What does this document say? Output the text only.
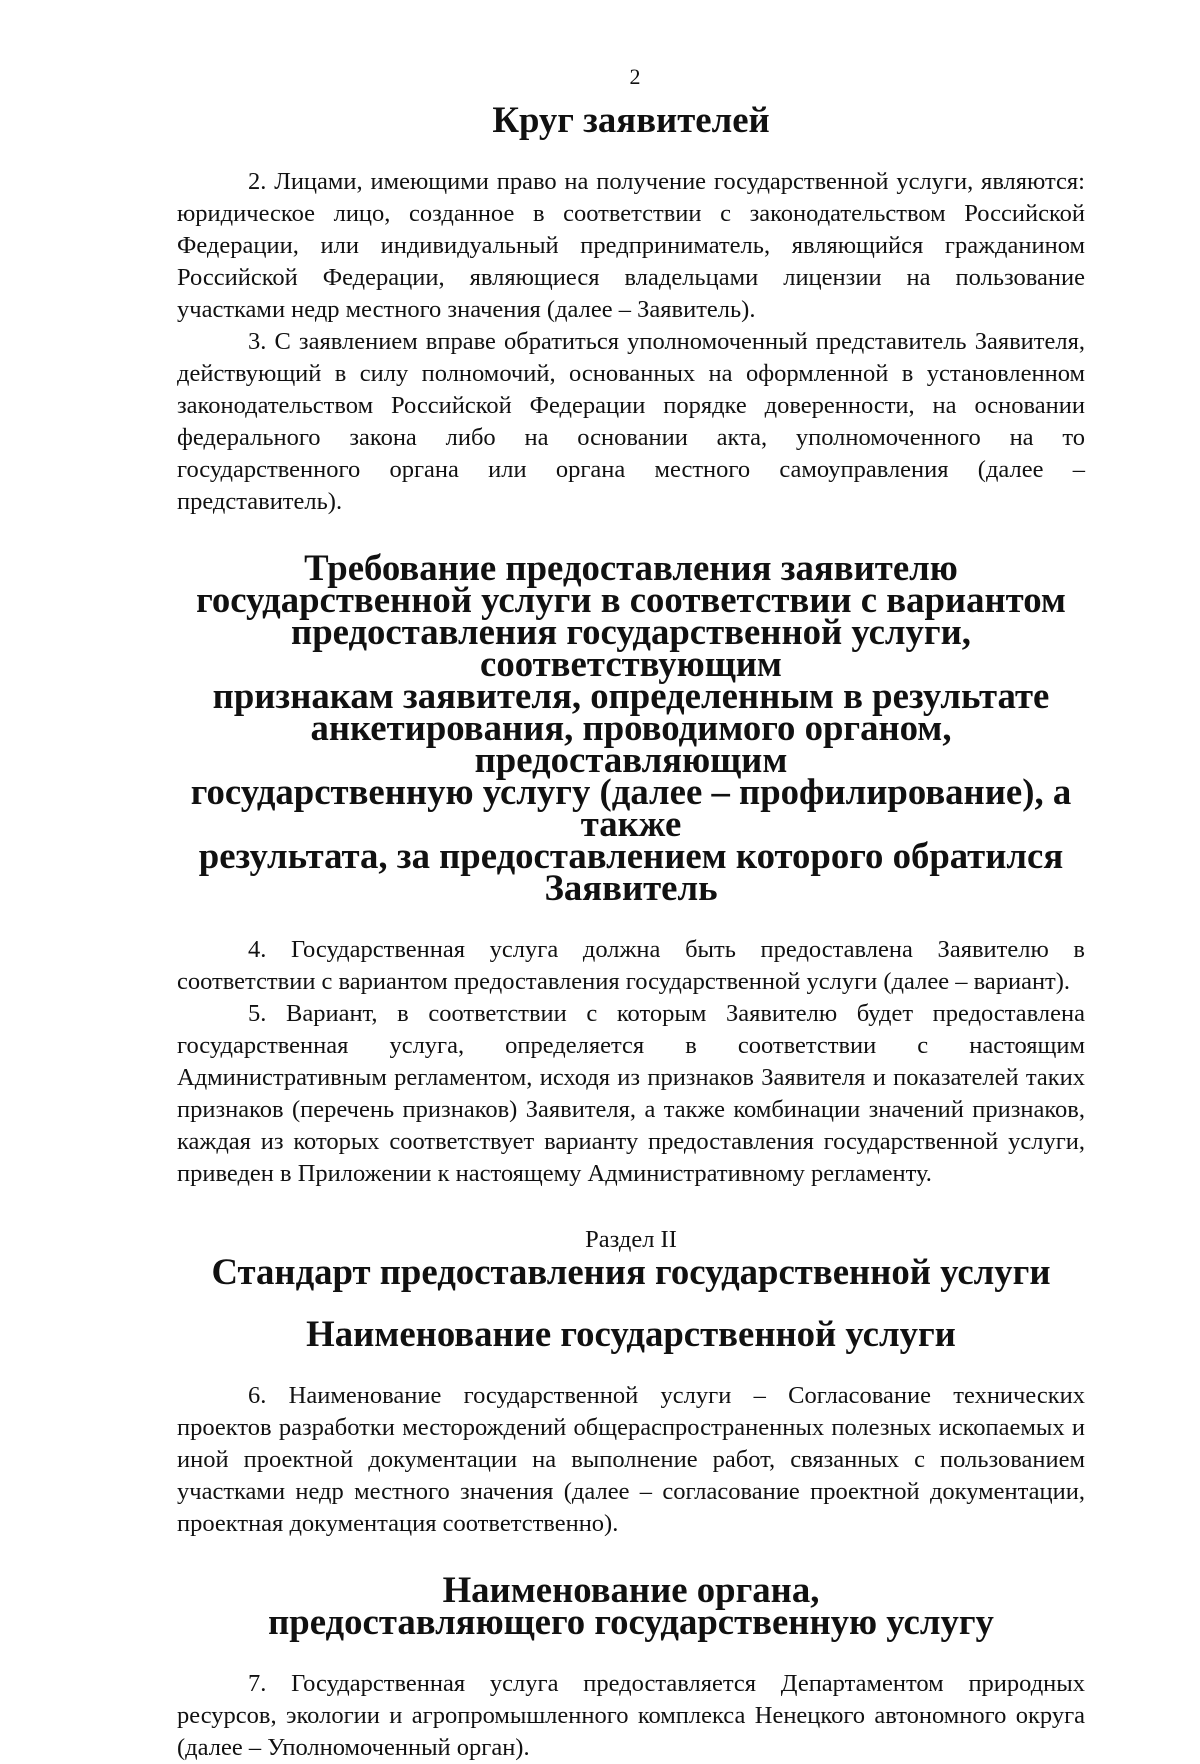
2
Круг заявителей

2. Лицами, имеющими право на получение государственной услуги, являются: юридическое лицо, созданное в соответствии с законодательством Российской Федерации, или индивидуальный предприниматель, являющийся гражданином Российской Федерации, являющиеся владельцами лицензии на пользование участками недр местного значения (далее – Заявитель).

3. С заявлением вправе обратиться уполномоченный представитель Заявителя, действующий в силу полномочий, основанных на оформленной в установленном законодательством Российской Федерации порядке доверенности, на основании федерального закона либо на основании акта, уполномоченного на то государственного органа или органа местного самоуправления (далее – представитель).

Требование предоставления заявителю
государственной услуги в соответствии с вариантом
предоставления государственной услуги, соответствующим
признакам заявителя, определенным в результате
анкетирования, проводимого органом, предоставляющим
государственную услугу (далее – профилирование), а также
результата, за предоставлением которого обратился Заявитель

4. Государственная услуга должна быть предоставлена Заявителю в соответствии с вариантом предоставления государственной услуги (далее – вариант).

5. Вариант, в соответствии с которым Заявителю будет предоставлена государственная услуга, определяется в соответствии с настоящим Административным регламентом, исходя из признаков Заявителя и показателей таких признаков (перечень признаков) Заявителя, а также комбинации значений признаков, каждая из которых соответствует варианту предоставления государственной услуги, приведен в Приложении к настоящему Административному регламенту.

Раздел II
Стандарт предоставления государственной услуги
Наименование государственной услуги

6. Наименование государственной услуги – Согласование технических проектов разработки месторождений общераспространенных полезных ископаемых и иной проектной документации на выполнение работ, связанных с пользованием участками недр местного значения (далее – согласование проектной документации, проектная документация соответственно).

Наименование органа,
предоставляющего государственную услугу

7. Государственная услуга предоставляется Департаментом природных ресурсов, экологии и агропромышленного комплекса Ненецкого автономного округа (далее – Уполномоченный орган).
